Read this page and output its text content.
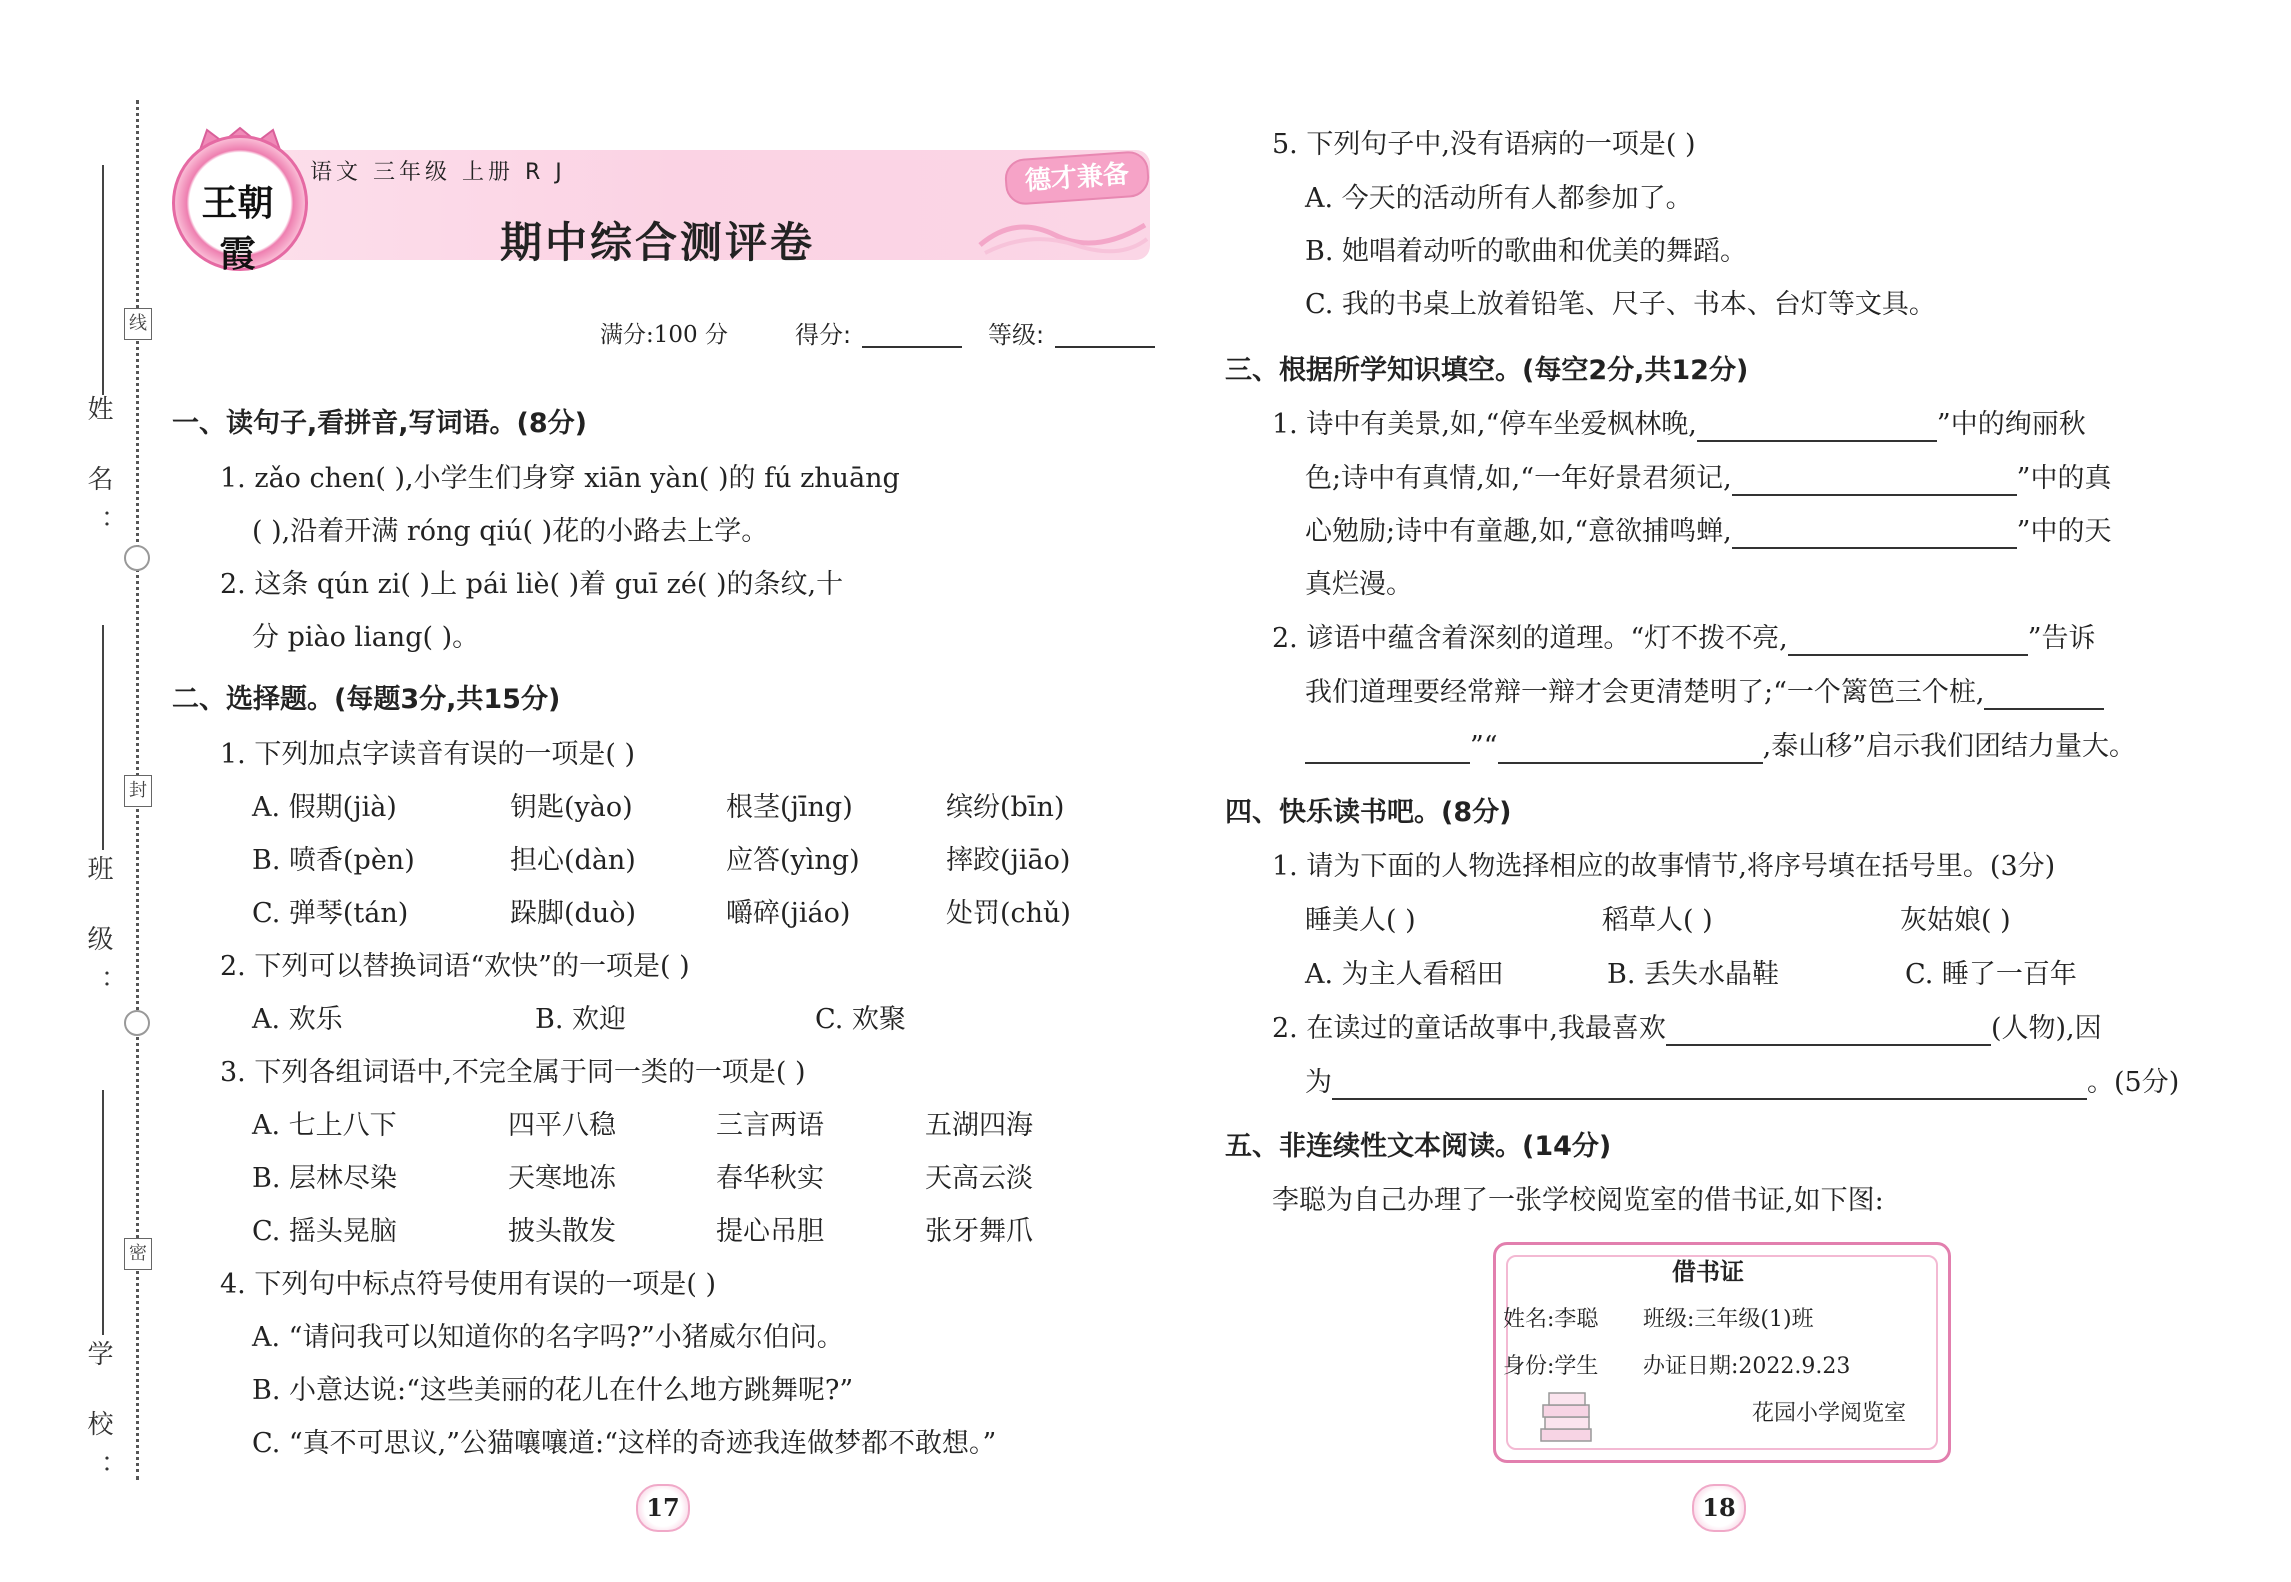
姓 名：
线
班 级：
封
学 校：
密
王朝霞
语文 三年级 上册 R J
期中综合测评卷
德才兼备
满分:100 分	得分:	等级:
一、读句子,看拼音,写词语。(8分)
1. zǎo chen( ),小学生们身穿 xiān yàn( )的 fú zhuāng
( ),沿着开满 róng qiú( )花的小路去上学。
2. 这条 qún zi( )上 pái liè( )着 guī zé( )的条纹,十
分 piào liang( )。
二、选择题。(每题3分,共15分)
1. 下列加点字读音有误的一项是( )
A. 假期(jià)	钥匙(yào)	根茎(jīng)	缤纷(bīn)
B. 喷香(pèn)	担心(dàn)	应答(yìng)	摔跤(jiāo)
C. 弹琴(tán)	跺脚(duò)	嚼碎(jiáo)	处罚(chǔ)
2. 下列可以替换词语“欢快”的一项是( )
A. 欢乐	B. 欢迎	C. 欢聚
3. 下列各组词语中,不完全属于同一类的一项是( )
A. 七上八下	四平八稳	三言两语	五湖四海
B. 层林尽染	天寒地冻	春华秋实	天高云淡
C. 摇头晃脑	披头散发	提心吊胆	张牙舞爪
4. 下列句中标点符号使用有误的一项是( )
A. “请问我可以知道你的名字吗?”小猪威尔伯问。
B. 小意达说:“这些美丽的花儿在什么地方跳舞呢?”
C. “真不可思议,”公猫嚷嚷道:“这样的奇迹我连做梦都不敢想。”
17
5. 下列句子中,没有语病的一项是( )
A. 今天的活动所有人都参加了。
B. 她唱着动听的歌曲和优美的舞蹈。
C. 我的书桌上放着铅笔、尺子、书本、台灯等文具。
三、根据所学知识填空。(每空2分,共12分)
1. 诗中有美景,如,“停车坐爱枫林晚,	”中的绚丽秋
色;诗中有真情,如,“一年好景君须记,	”中的真
心勉励;诗中有童趣,如,“意欲捕鸣蝉,	”中的天
真烂漫。
2. 谚语中蕴含着深刻的道理。“灯不拨不亮,	”告诉
我们道理要经常辩一辩才会更清楚明了;“一个篱笆三个桩,
”“	,泰山移”启示我们团结力量大。
四、快乐读书吧。(8分)
1. 请为下面的人物选择相应的故事情节,将序号填在括号里。(3分)
睡美人( )	稻草人( )	灰姑娘( )
A. 为主人看稻田	B. 丢失水晶鞋	C. 睡了一百年
2. 在读过的童话故事中,我最喜欢	(人物),因
为	。(5分)
五、非连续性文本阅读。(14分)
李聪为自己办理了一张学校阅览室的借书证,如下图:
借书证
姓名:李聪 班级:三年级(1)班
身份:学生 办证日期:2022.9.23
花园小学阅览室
18
